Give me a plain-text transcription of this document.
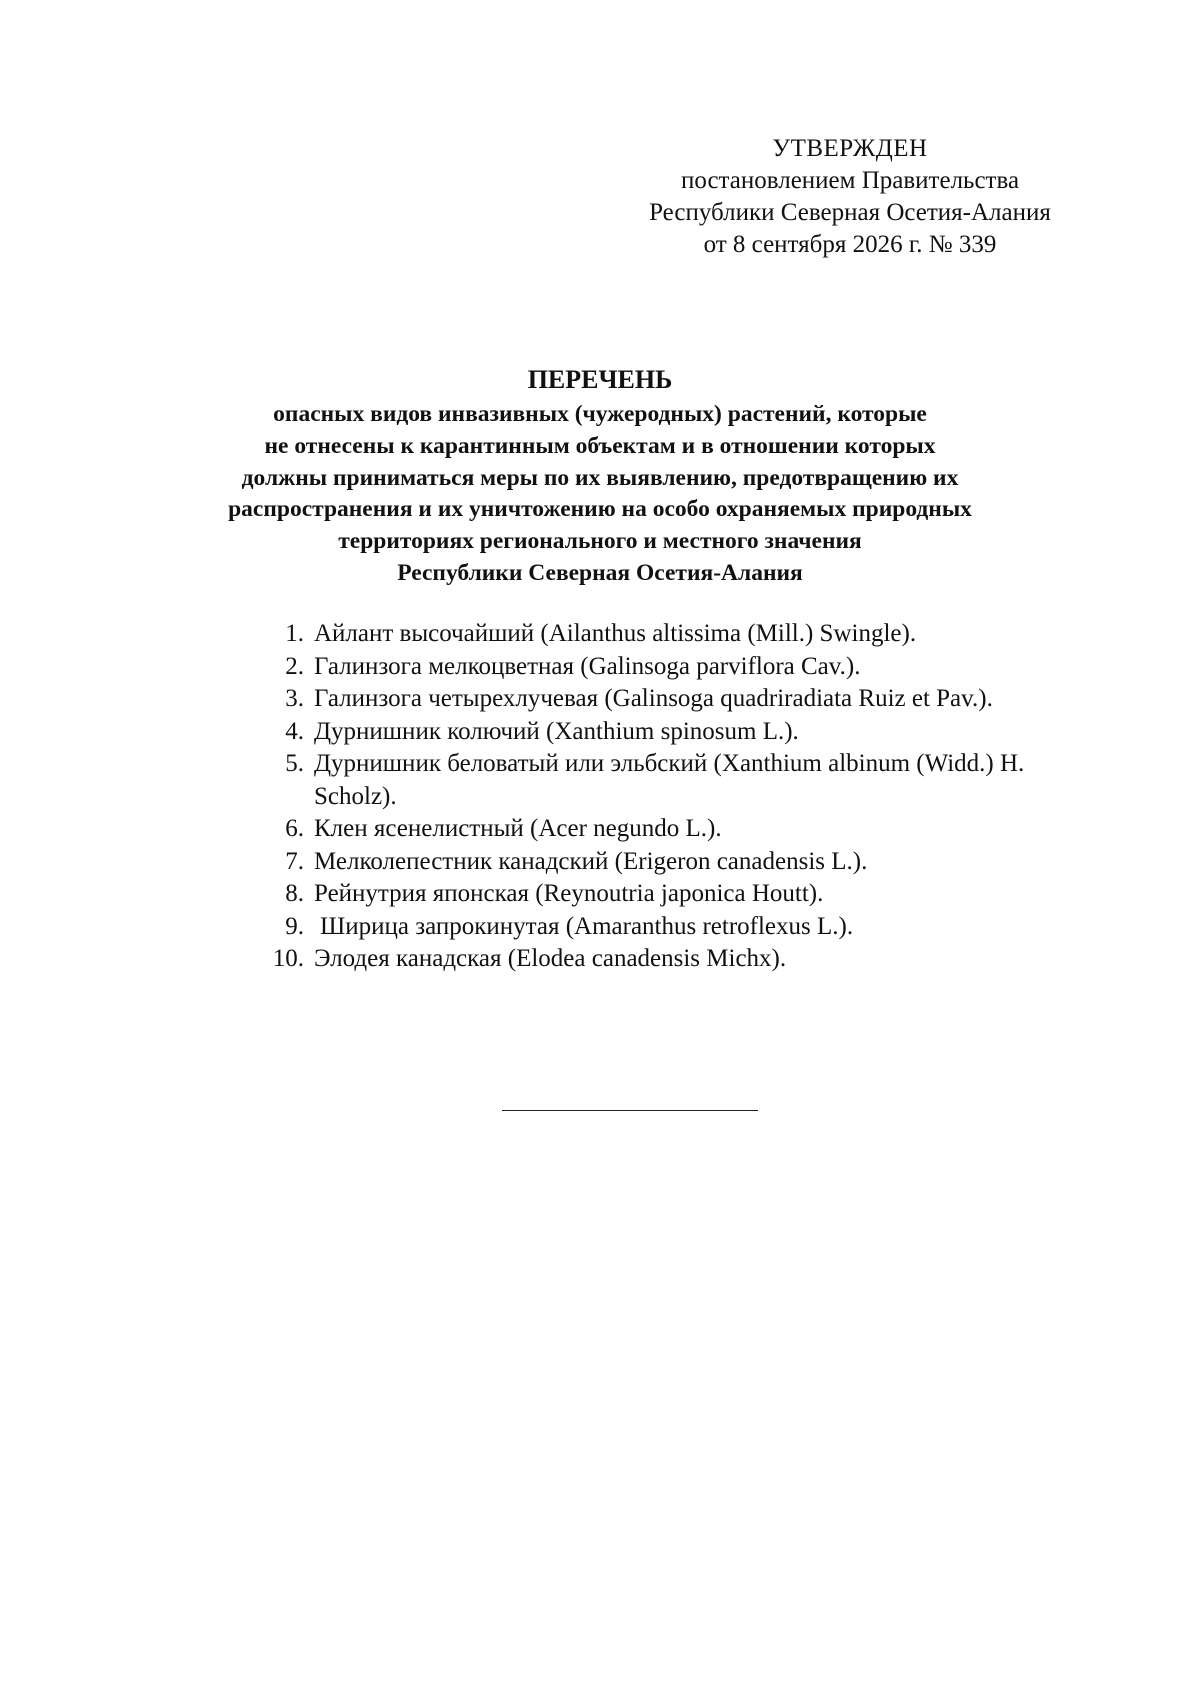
УТВЕРЖДЕН
постановлением Правительства
Республики Северная Осетия-Алания
от 8 сентября 2026 г. № 339
ПЕРЕЧЕНЬ
опасных видов инвазивных (чужеродных) растений, которые
не отнесены к карантинным объектам и в отношении которых
должны приниматься меры по их выявлению, предотвращению их
распространения и их уничтожению на особо охраняемых природных
территориях регионального и местного значения
Республики Северная Осетия-Алания
1. Айлант высочайший (Ailanthus altissima (Mill.) Swingle).
2. Галинзога мелкоцветная (Galinsoga parviflora Cav.).
3. Галинзога четырехлучевая (Galinsoga quadriradiata Ruiz et Pav.).
4. Дурнишник колючий (Xanthium spinosum L.).
5. Дурнишник беловатый или эльбский (Xanthium albinum (Widd.) H. Scholz).
6. Клен ясенелистный (Acer negundo L.).
7. Мелколепестник канадский (Erigeron canadensis L.).
8. Рейнутрия японская (Reynoutria japonica Houtt).
9. Ширица запрокинутая (Amaranthus retroflexus L.).
10. Элодея канадская (Elodea canadensis Michx).
